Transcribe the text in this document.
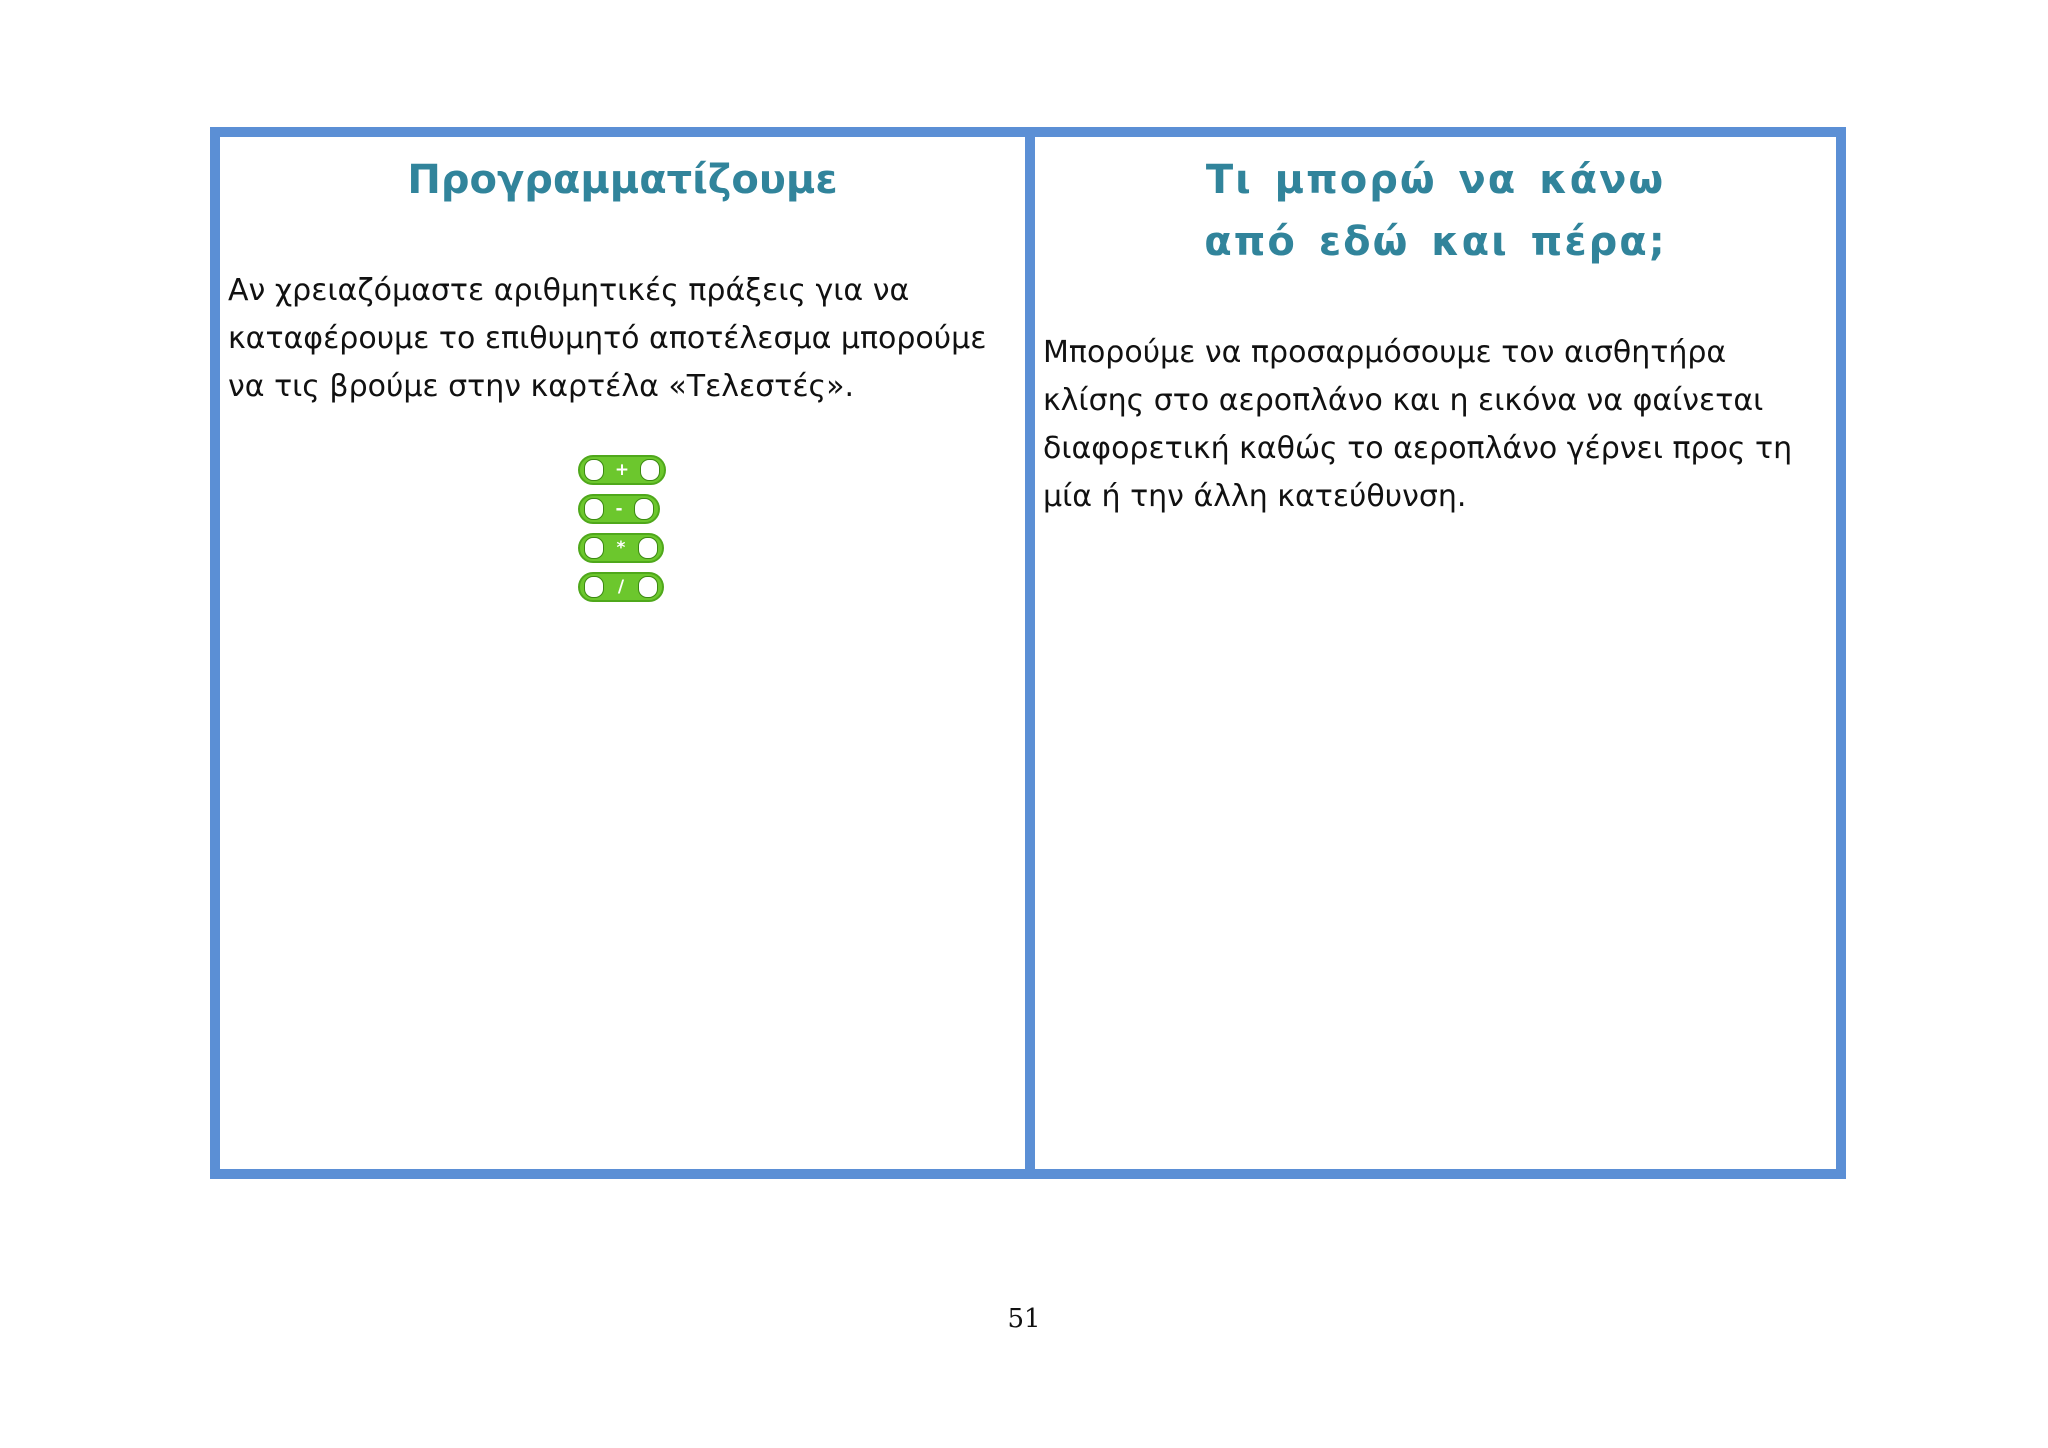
Προγραμματίζουμε

Αν χρειαζόμαστε αριθμητικές πράξεις για να καταφέρουμε το επιθυμητό αποτέλεσμα μπορούμε να τις βρούμε στην καρτέλα «Τελεστές».

+
-
*
/
Τι μπορώ να κάνω
από εδώ και πέρα;

Μπορούμε να προσαρμόσουμε τον αισθητήρα κλίσης στο αεροπλάνο και η εικόνα να φαίνεται διαφορετική καθώς το αεροπλάνο γέρνει προς τη μία ή την άλλη κατεύθυνση.

51
